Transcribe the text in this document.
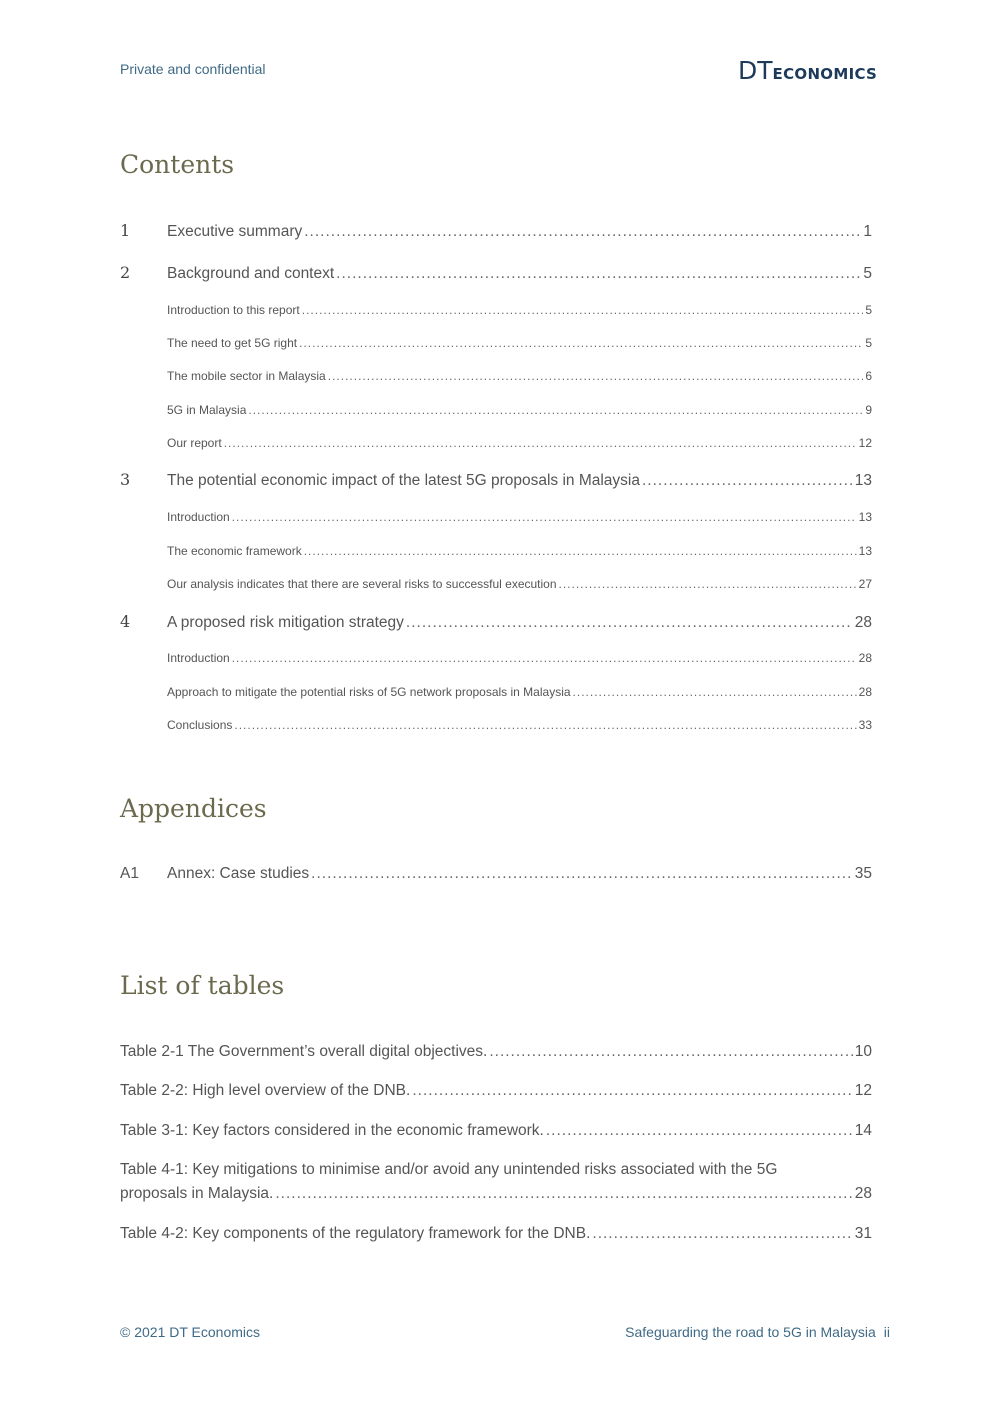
Private and confidential	DTECONOMICS
Contents
1	Executive summary .....	1
2	Background and context .....	5
Introduction to this report .....	5
The need to get 5G right .....	5
The mobile sector in Malaysia .....	6
5G in Malaysia .....	9
Our report .....	12
3	The potential economic impact of the latest 5G proposals in Malaysia .....	13
Introduction .....	13
The economic framework .....	13
Our analysis indicates that there are several risks to successful execution .....	27
4	A proposed risk mitigation strategy .....	28
Introduction .....	28
Approach to mitigate the potential risks of 5G network proposals in Malaysia .....	28
Conclusions .....	33
Appendices
A1	Annex: Case studies .....	35
List of tables
Table 2-1 The Government’s overall digital objectives. .....	10
Table 2-2: High level overview of the DNB. .....	12
Table 3-1: Key factors considered in the economic framework. .....	14
Table 4-1: Key mitigations to minimise and/or avoid any unintended risks associated with the 5G
proposals in Malaysia. .....	28
Table 4-2: Key components of the regulatory framework for the DNB. .....	31
© 2021 DT Economics	Safeguarding the road to 5G in Malaysia ii
